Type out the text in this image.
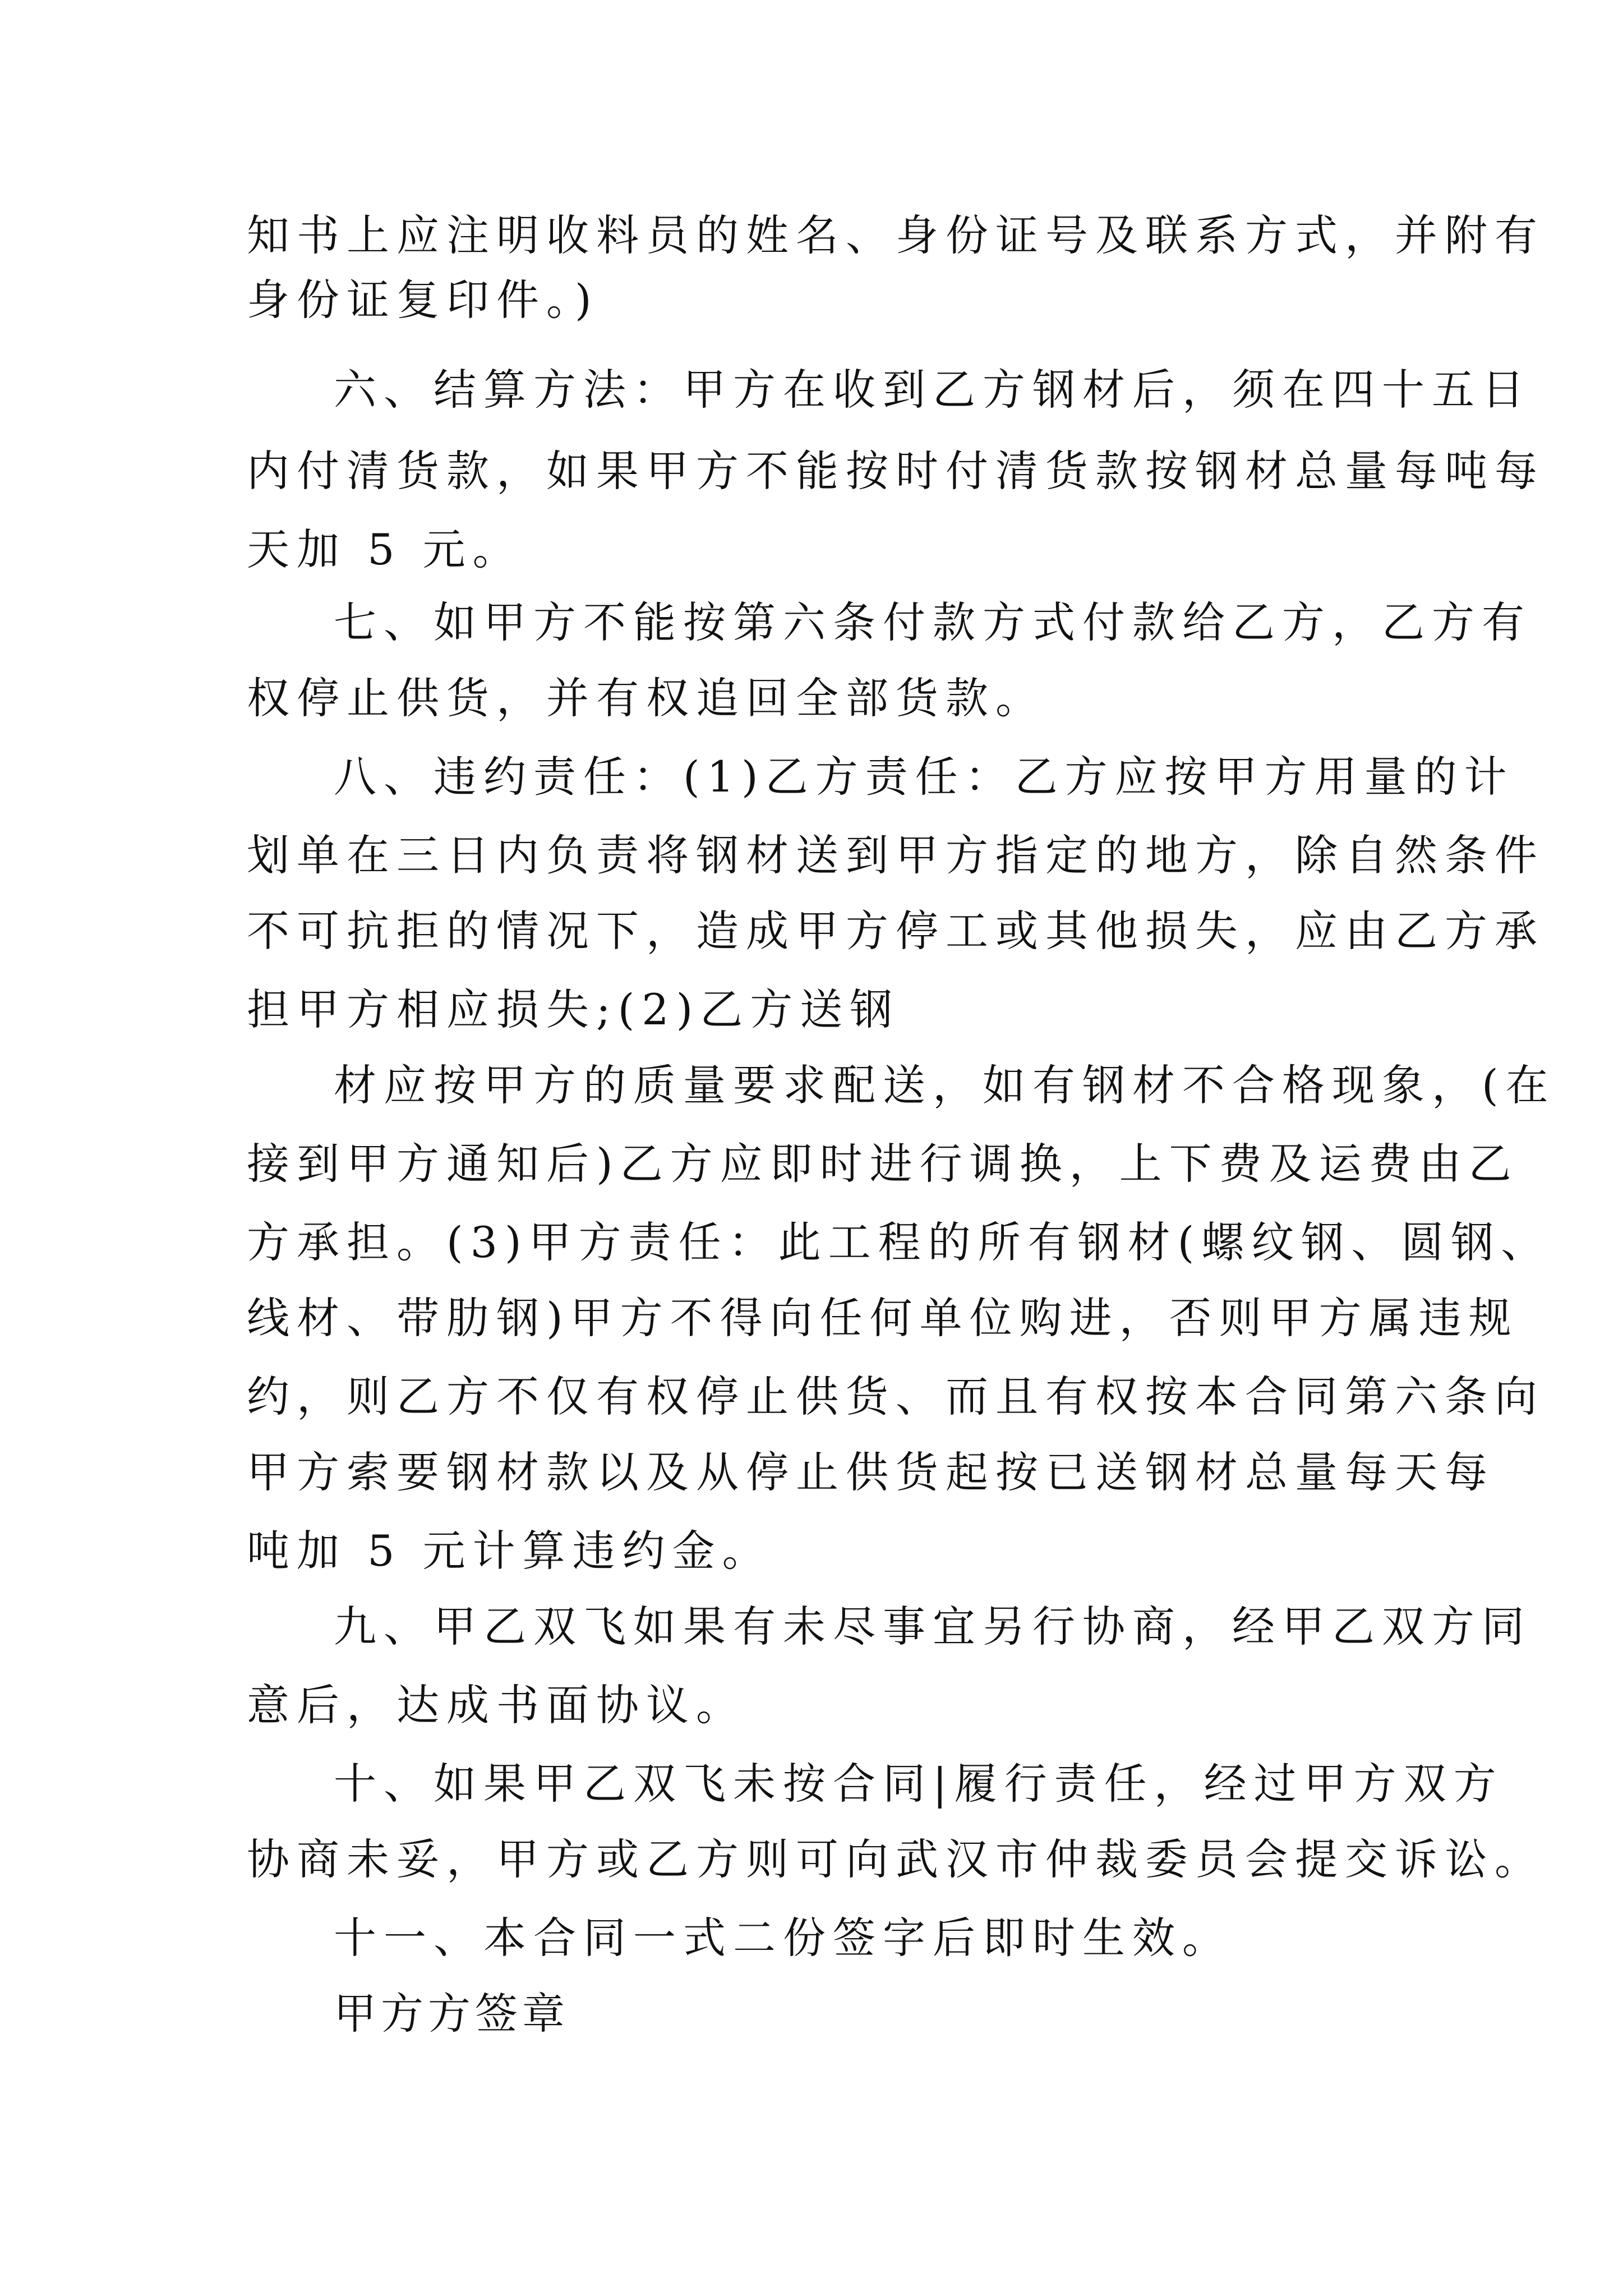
知书上应注明收料员的姓名、身份证号及联系方式，并附有

身份证复印件。)

六、结算方法：甲方在收到乙方钢材后，须在四十五日

内付清货款，如果甲方不能按时付清货款按钢材总量每吨每

天加 5 元。

七、如甲方不能按第六条付款方式付款给乙方，乙方有

权停止供货，并有权追回全部货款。

八、违约责任：(1)乙方责任：乙方应按甲方用量的计

划单在三日内负责将钢材送到甲方指定的地方，除自然条件

不可抗拒的情况下，造成甲方停工或其他损失，应由乙方承

担甲方相应损失;(2)乙方送钢

材应按甲方的质量要求配送，如有钢材不合格现象，(在

接到甲方通知后)乙方应即时进行调换，上下费及运费由乙

方承担。(3)甲方责任：此工程的所有钢材(螺纹钢、圆钢、

线材、带肋钢)甲方不得向任何单位购进，否则甲方属违规

约，则乙方不仅有权停止供货、而且有权按本合同第六条向

甲方索要钢材款以及从停止供货起按已送钢材总量每天每

吨加 5 元计算违约金。

九、甲乙双飞如果有未尽事宜另行协商，经甲乙双方同

意后，达成书面协议。

十、如果甲乙双飞未按合同|履行责任，经过甲方双方

协商未妥，甲方或乙方则可向武汉市仲裁委员会提交诉讼。

十一、本合同一式二份签字后即时生效。

甲方方签章
